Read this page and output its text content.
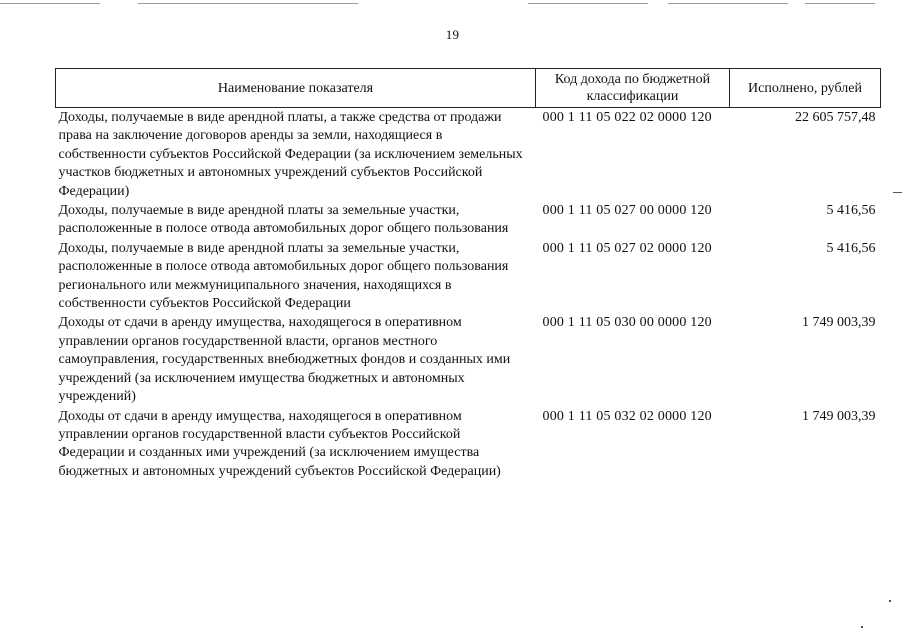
19
Наименование показателя	Код дохода по бюджетной классификации	Исполнено, рублей
Доходы, получаемые в виде арендной платы, а также средства от продажи права на заключение договоров аренды за земли, находящиеся в собственности субъектов Российской Федерации (за исключением земельных участков бюджетных и автономных учреждений субъектов Российской Федерации)	000 1 11 05 022 02 0000 120	22 605 757,48
Доходы, получаемые в виде арендной платы за земельные участки, расположенные в полосе отвода автомобильных дорог общего пользования	000 1 11 05 027 00 0000 120	5 416,56
Доходы, получаемые в виде арендной платы за земельные участки, расположенные в полосе отвода автомобильных дорог общего пользования регионального или межмуниципального значения, находящихся в собственности субъектов Российской Федерации	000 1 11 05 027 02 0000 120	5 416,56
Доходы от сдачи в аренду имущества, находящегося в оперативном управлении органов государственной власти, органов местного самоуправления, государственных внебюджетных фондов и созданных ими учреждений (за исключением имущества бюджетных и автономных учреждений)	000 1 11 05 030 00 0000 120	1 749 003,39
Доходы от сдачи в аренду имущества, находящегося в оперативном управлении органов государственной власти субъектов Российской Федерации и созданных ими учреждений (за исключением имущества бюджетных и автономных учреждений субъектов Российской Федерации)	000 1 11 05 032 02 0000 120	1 749 003,39
